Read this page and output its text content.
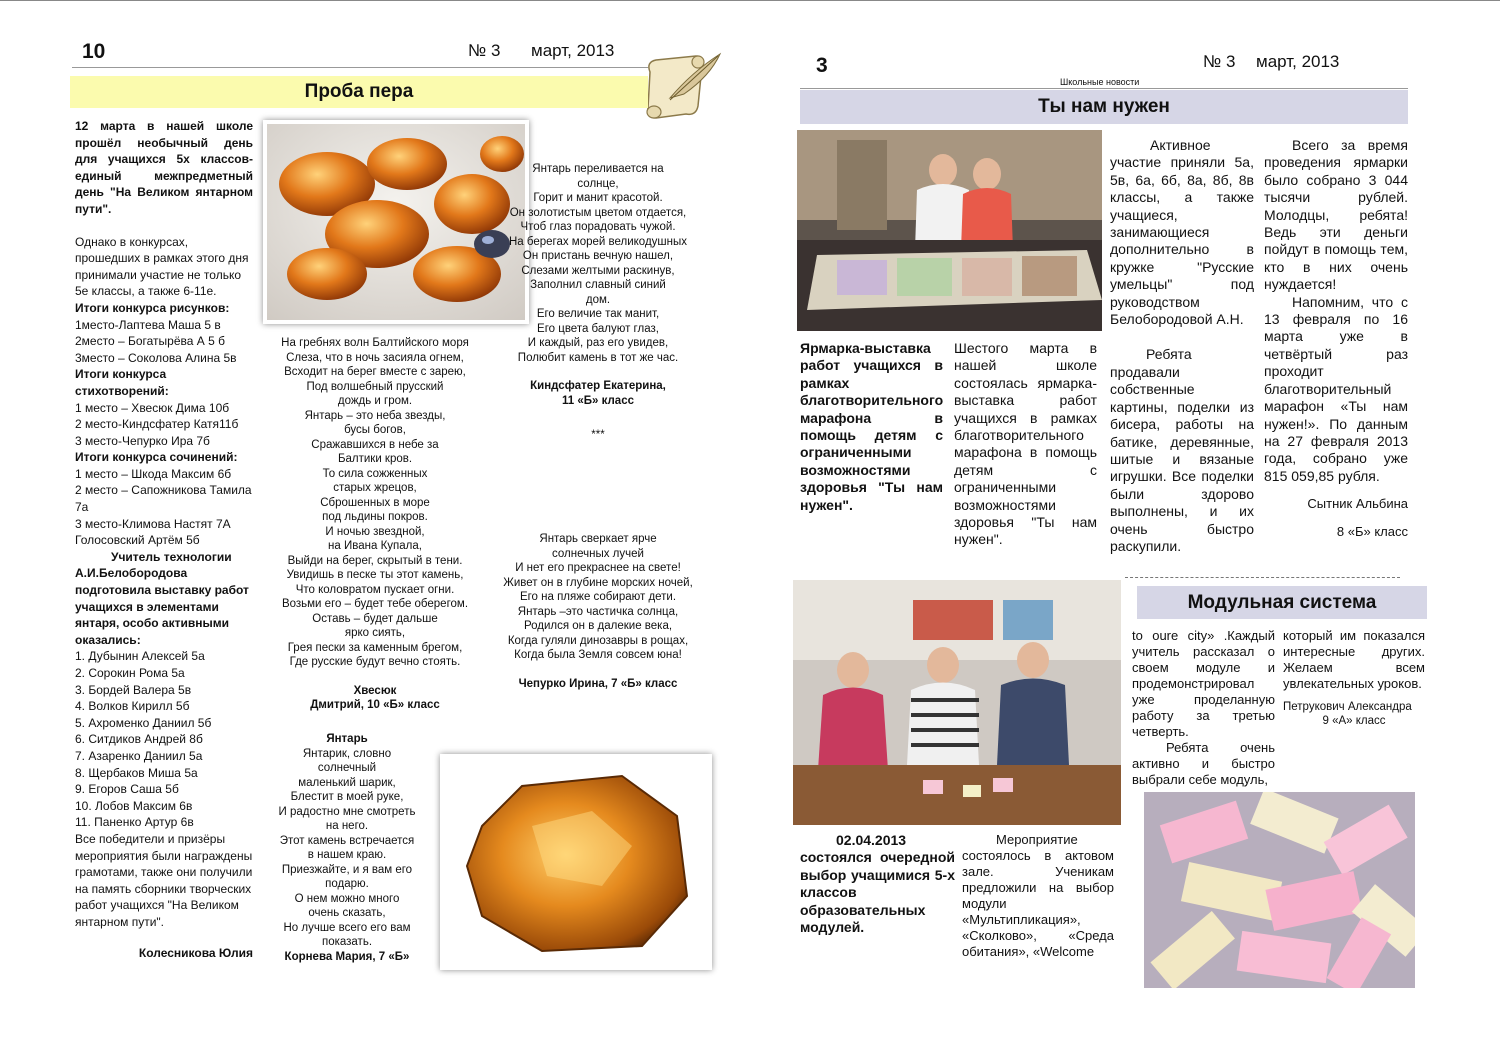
10	№ 3 март, 2013
Проба пера

12 марта в нашей школе прошёл необычный день для учащихся 5х классов-единый межпредметный день "На Великом янтарном пути".

Однако в конкурсах, прошедших в рамках этого дня принимали участие не только 5е классы, а также 6-11е.

Итоги конкурса рисунков:

1место-Лаптева Маша 5 в

2место – Богатырёва А 5 б

3место – Соколова Алина 5в

Итоги конкурса стихотворений:

1 место – Хвесюк Дима 10б

2 место-Киндсфатер Катя11б

3 место-Чепурко Ира 7б

Итоги конкурса сочинений:

1 место – Шкода Максим 6б

2 место – Сапожникова Тамила 7а

3 место-Климова Настят 7А

Голосовский Артём 5б

Учитель технологии А.И.Белобородова подготовила выставку работ учащихся в элементами янтаря, особо активными оказались:

1. Дубынин Алексей 5а

2. Сорокин Рома 5а

3. Бордей Валера 5в

4. Волков Кирилл 5б

5. Ахроменко Даниил 5б

6. Ситдиков Андрей 8б

7. Азаренко Даниил 5а

8. Щербаков Миша 5а

9. Егоров Саша 5б

10. Лобов Максим 6в

11. Паненко Артур 6в

Все победители и призёры мероприятия были награждены грамотами, также они получили на память сборники творческих работ учащихся "На Великом янтарном пути".

Колесникова Юлия

На гребнях волн Балтийского моря

Слеза, что в ночь засияла огнем,

Всходит на берег вместе с зарею,

Под волшебный прусский

дождь и гром.

Янтарь – это неба звезды,

бусы богов,

Сражавшихся в небе за

Балтики кров.

То сила сожженных

старых жрецов,

Сброшенных в море

под льдины покров.

И ночью звездной,

на Ивана Купала,

Выйди на берег, скрытый в тени.

Увидишь в песке ты этот камень,

Что коловратом пускает огни.

Возьми его – будет тебе оберегом.

Оставь – будет дальше

ярко сиять,

Грея пески за каменным брегом,

Где русские будут вечно стоять.

Хвесюк

Дмитрий, 10 «Б» класс

Янтарь

Янтарик, словно

солнечный

маленький шарик,

Блестит в моей руке,

И радостно мне смотреть

на него.

Этот камень встречается

в нашем краю.

Приезжайте, и я вам его

подарю.

О нем можно много

очень сказать,

Но лучше всего его вам

показать.

Корнева Мария, 7 «Б»

Янтарь переливается на

солнце,

Горит и манит красотой.

Он золотистым цветом отдается,

Чтоб глаз порадовать чужой.

На берегах морей великодушных

Он пристань вечную нашел,

Слезами желтыми раскинув,

Заполнил славный синий

дом.

Его величие так манит,

Его цвета балуют глаз,

И каждый, раз его увидев,

Полюбит камень в тот же час.

Киндсфатер Екатерина,

11 «Б» класс

***

Янтарь сверкает ярче

солнечных лучей

И нет его прекраснее на свете!

Живет он в глубине морских ночей,

Его на пляже собирают дети.

Янтарь –это частичка солнца,

Родился он в далекие века,

Когда гуляли динозавры в рощах,

Когда была Земля совсем юна!

Чепурко Ирина, 7 «Б» класс

3	№ 3 март, 2013
Школьные новости
Ты нам нужен
Ярмарка-выставка работ учащихся в рамках благотворительного марафона в помощь детям с ограниченными возможностями здоровья "Ты нам нужен".
Шестого марта в нашей школе состоялась ярмарка-выставка работ учащихся в рамках благотворительного марафона в помощь детям с ограниченными возможностями здоровья "Ты нам нужен".

Активное участие приняли 5а, 5в, 6а, 6б, 8а, 8б, 8в классы, а также учащиеся, занимающиеся дополнительно в кружке "Русские умельцы" под руководством Белобородовой А.Н.

Ребята продавали собственные картины, поделки из бисера, работы на батике, деревянные, шитые и вязаные игрушки. Все поделки были здорово выполнены, и их очень быстро раскупили.

Всего за время проведения ярмарки было собрано 3 044 тысячи рублей. Молодцы, ребята! Ведь эти деньги пойдут в помощь тем, кто в них очень нуждается!

Напомним, что с 13 февраля по 16 марта уже в четвёртый раз проходит благотворительный марафон «Ты нам нужен!». По данным на 27 февраля 2013 года, собрано уже 815 059,85 рубля.

Сытник Альбина

8 «Б» класс

Модульная система
02.04.2013 состоялся очередной выбор учащимися 5-х классов образовательных модулей.
Мероприятие состоялось в актовом зале. Ученикам предложили на выбор модули «Мультипликация», «Сколково», «Среда обитания», «Welcome

to oure city» .Каждый учитель рассказал о своем модуле и продемонстрировал уже проделанную работу за третью четверть.

Ребята очень активно и быстро выбрали себе модуль,

который им показался интересные других. Желаем всем увлекательных уроков.

Петрукович Александра

9 «А» класс
